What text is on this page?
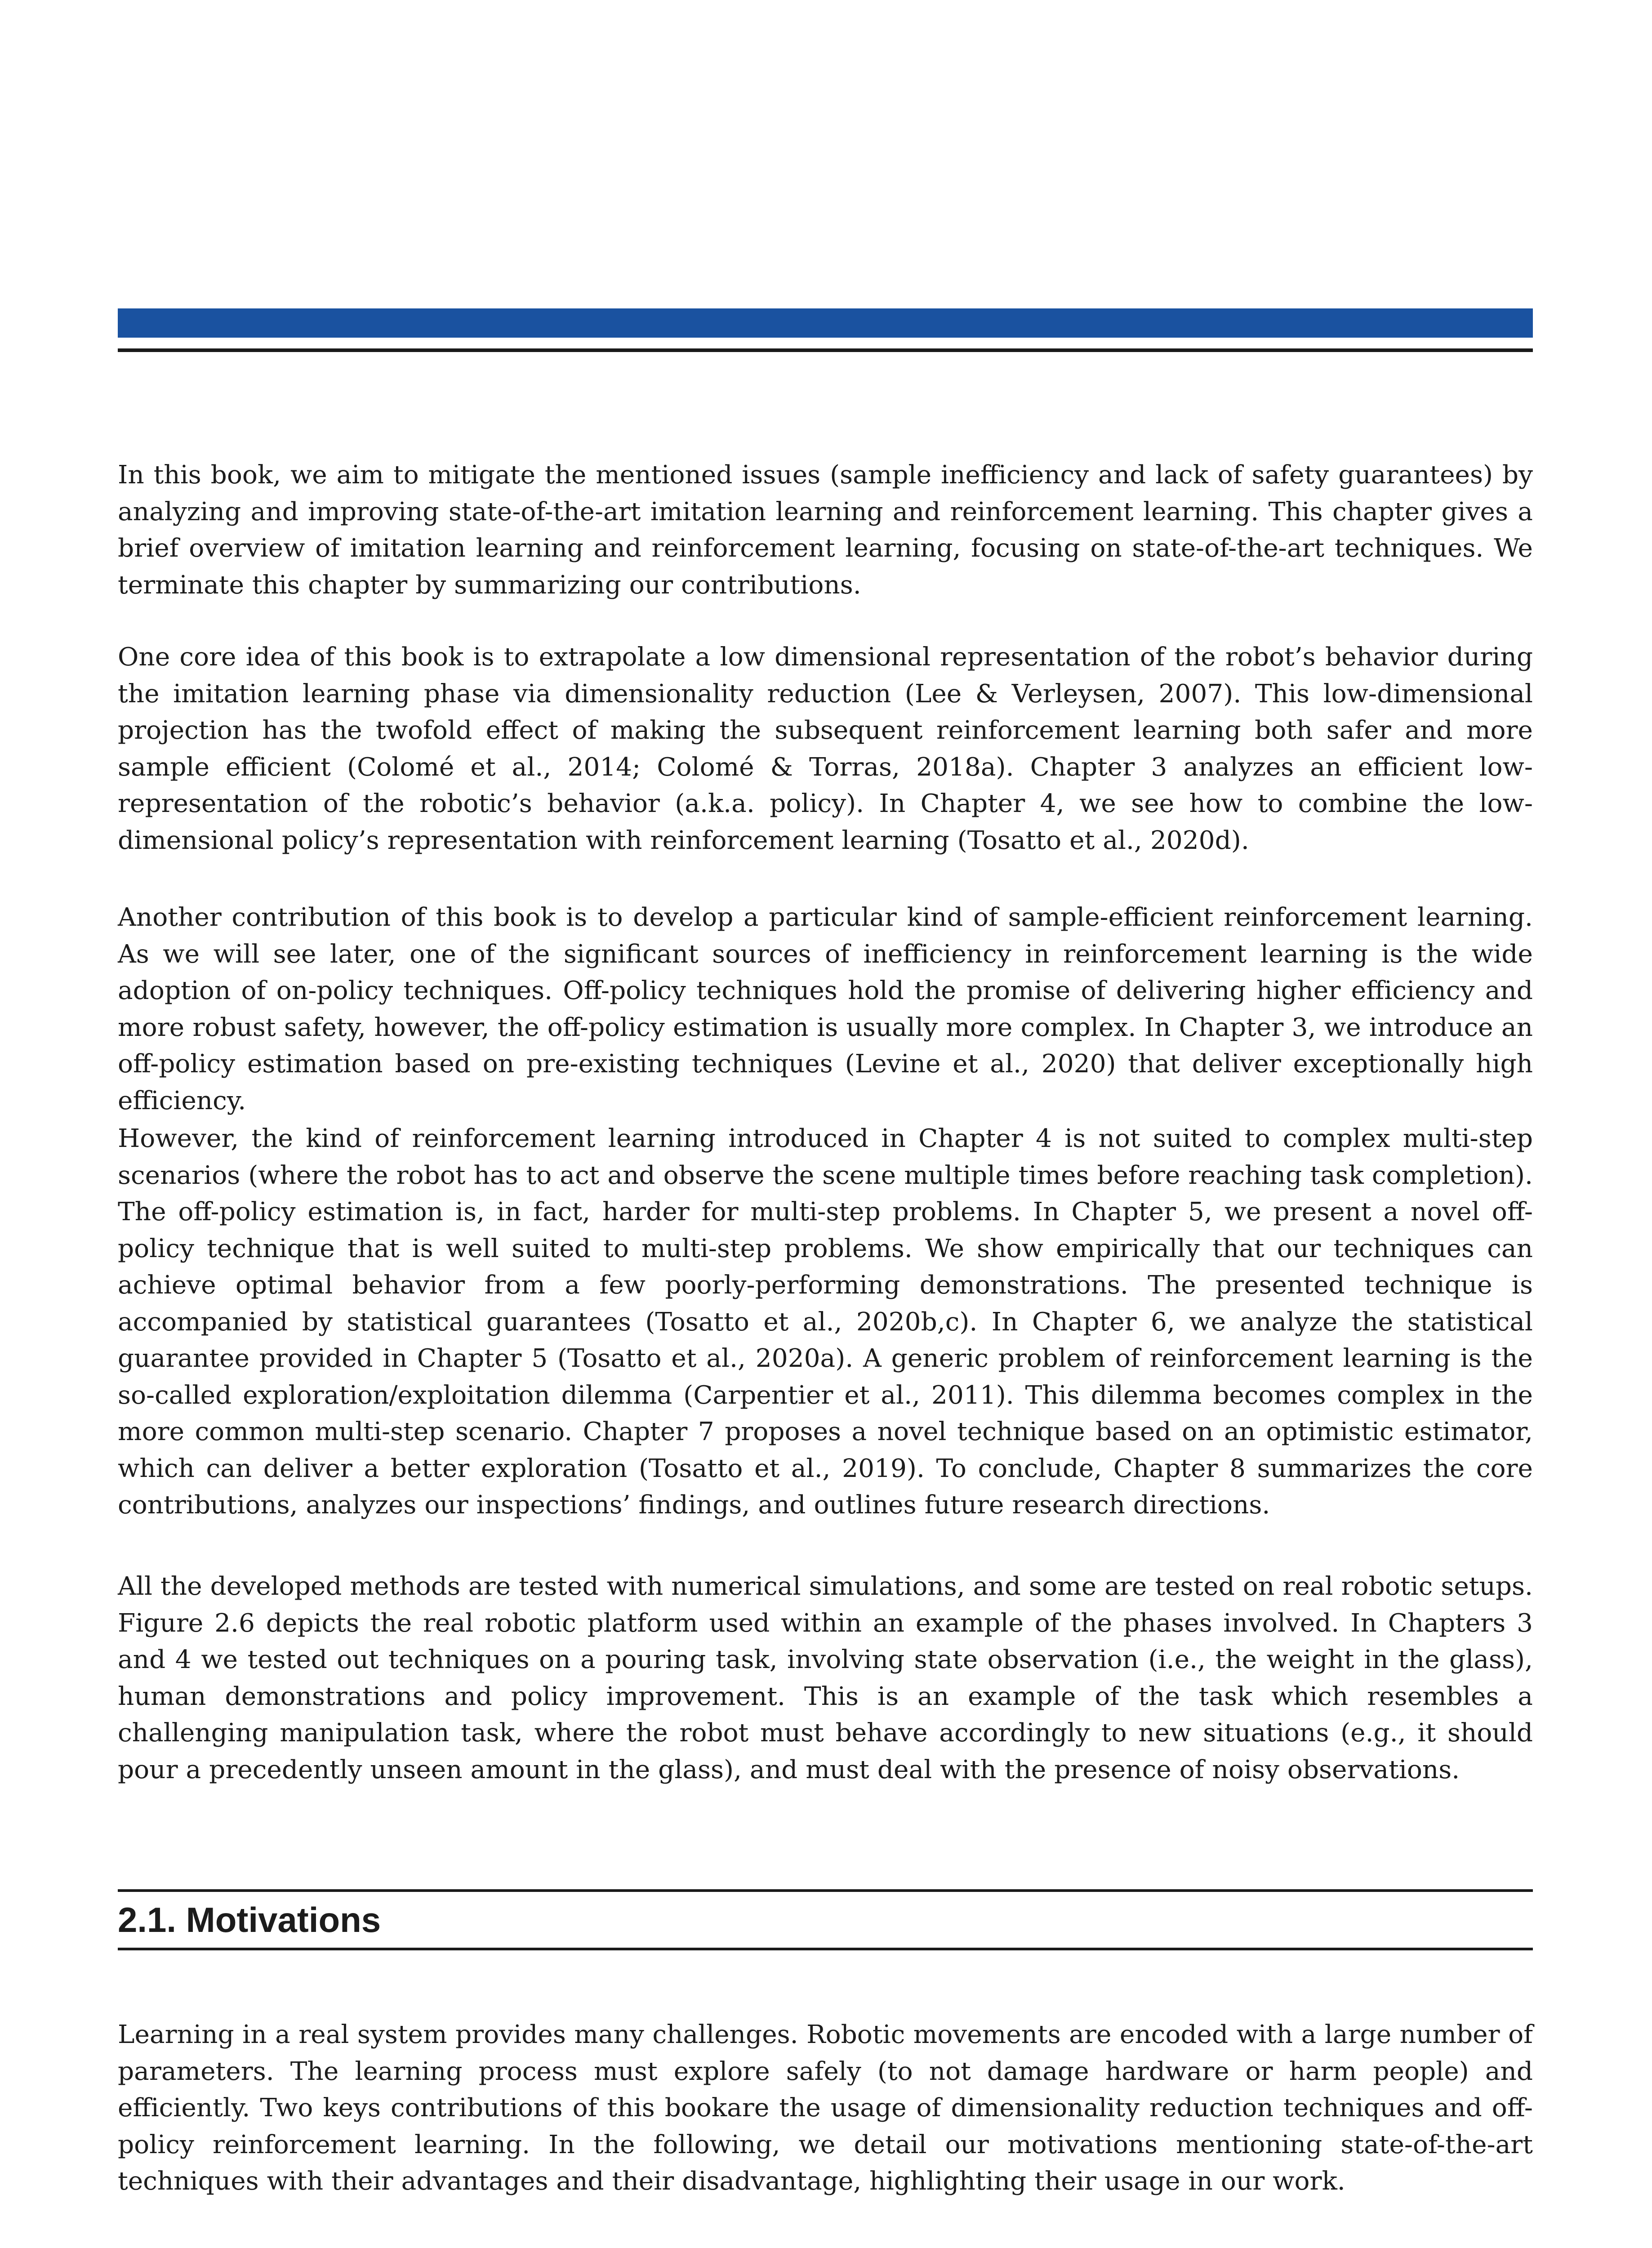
In this book, we aim to mitigate the mentioned issues (sample inefficiency and lack of safety guarantees) by analyzing and improving state-of-the-art imitation learning and reinforcement learning. This chapter gives a brief overview of imitation learning and reinforcement learning, focusing on state-of-the-art techniques. We terminate this chapter by summarizing our contributions.

One core idea of this book is to extrapolate a low dimensional representation of the robot’s behavior during the imitation learning phase via dimensionality reduction (Lee & Verleysen, 2007). This low-dimensional projection has the twofold effect of making the subsequent reinforcement learning both safer and more sample efficient (Colomé et al., 2014; Colomé & Torras, 2018a). Chapter 3 analyzes an efficient low-representation of the robotic’s behavior (a.k.a. policy). In Chapter 4, we see how to combine the low-dimensional policy’s representation with reinforcement learning (Tosatto et al., 2020d).

Another contribution of this book is to develop a particular kind of sample-efficient reinforcement learning. As we will see later, one of the significant sources of inefficiency in reinforcement learning is the wide adoption of on-policy techniques. Off-policy techniques hold the promise of delivering higher efficiency and more robust safety, however, the off-policy estimation is usually more complex. In Chapter 3, we introduce an off-policy estimation based on pre-existing techniques (Levine et al., 2020) that deliver exceptionally high efficiency.

However, the kind of reinforcement learning introduced in Chapter 4 is not suited to complex multi-step scenarios (where the robot has to act and observe the scene multiple times before reaching task completion). The off-policy estimation is, in fact, harder for multi-step problems. In Chapter 5, we present a novel off-policy technique that is well suited to multi-step problems. We show empirically that our techniques can achieve optimal behavior from a few poorly-performing demonstrations. The presented technique is accompanied by statistical guarantees (Tosatto et al., 2020b,c). In Chapter 6, we analyze the statistical guarantee provided in Chapter 5 (Tosatto et al., 2020a). A generic problem of reinforcement learning is the so-called exploration/exploitation dilemma (Carpentier et al., 2011). This dilemma becomes complex in the more common multi-step scenario. Chapter 7 proposes a novel technique based on an optimistic estimator, which can deliver a better exploration (Tosatto et al., 2019). To conclude, Chapter 8 summarizes the core contributions, analyzes our inspections’ findings, and outlines future research directions.

All the developed methods are tested with numerical simulations, and some are tested on real robotic setups. Figure 2.6 depicts the real robotic platform used within an example of the phases involved. In Chapters 3 and 4 we tested out techniques on a pouring task, involving state observation (i.e., the weight in the glass), human demonstrations and policy improvement. This is an example of the task which resembles a challenging manipulation task, where the robot must behave accordingly to new situations (e.g., it should pour a precedently unseen amount in the glass), and must deal with the presence of noisy observations.

2.1. Motivations

Learning in a real system provides many challenges. Robotic movements are encoded with a large number of parameters. The learning process must explore safely (to not damage hardware or harm people) and efficiently. Two keys contributions of this bookare the usage of dimensionality reduction techniques and off-policy reinforcement learning. In the following, we detail our motivations mentioning state-of-the-art techniques with their advantages and their disadvantage, highlighting their usage in our work.
